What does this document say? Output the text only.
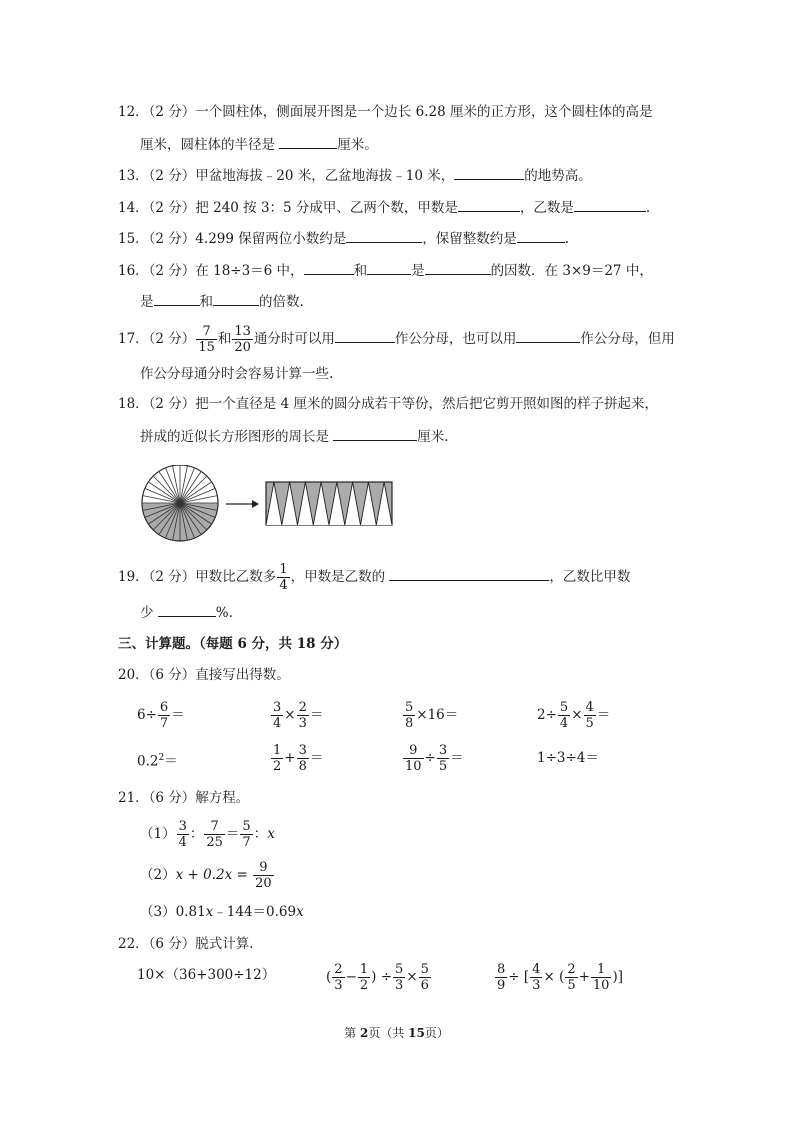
12．（2 分）一个圆柱体，侧面展开图是一个边长 6.28 厘米的正方形，这个圆柱体的高是
厘米，圆柱体的半径是	厘米。
13．（2 分）甲盆地海拔﹣20 米，乙盆地海拔﹣10 米，	的地势高。
14．（2 分）把 240 按 3：5 分成甲、乙两个数，甲数是	，乙数是	.
15．（2 分）4.299 保留两位小数约是	，保留整数约是	.
16．（2 分）在 18÷3＝6 中，	和	是	的因数．在 3×9＝27 中，
是	和	的倍数.
17．（2 分） $\frac{7}{15}$ 和 $\frac{13}{20}$ 通分时可以用	作公分母，也可以用	作公分母，但用
作公分母通分时会容易计算一些.
18．（2 分）把一个直径是 4 厘米的圆分成若干等份，然后把它剪开照如图的样子拼起来，
拼成的近似长方形图形的周长是	厘米.
19．（2 分）甲数比乙数多 $\frac{1}{4}$ ，甲数是乙数的	，乙数比甲数
少	%.
三、计算题。（每题 6 分，共 18 分）
20．（6 分）直接写出得数。
$6\div \frac{6}{7}$ ＝	$\frac{3}{4} \times \frac{2}{3}$ ＝	$\frac{5}{8} \times 16=$	$2\div \frac{5}{4} \times \frac{4}{5}$ ＝
$0.2^2=$	$\frac{1}{2} + \frac{3}{8}$ ＝	$\frac{9}{10} \div \frac{3}{5}$ ＝	1÷3÷4＝
21．（6 分）解方程。
$(1) \frac{3}{4}$ ： $\frac{7}{25} = \frac{5}{7}$ ：x
$(2)x + 0.2x = \frac{9}{20}$
（3）0.81x﹣144＝0.69x
22．（6 分）脱式计算.
10×（36+300÷12）	( $\frac{2}{3} - \frac{1}{2}$ ) ÷ $\frac{5}{3} \times \frac{5}{6}$	$\frac{8}{9}$ ÷ [ $\frac{4}{3}$ × ( $\frac{2}{5} + \frac{1}{10}$ )]
第 2页（共 15页）
